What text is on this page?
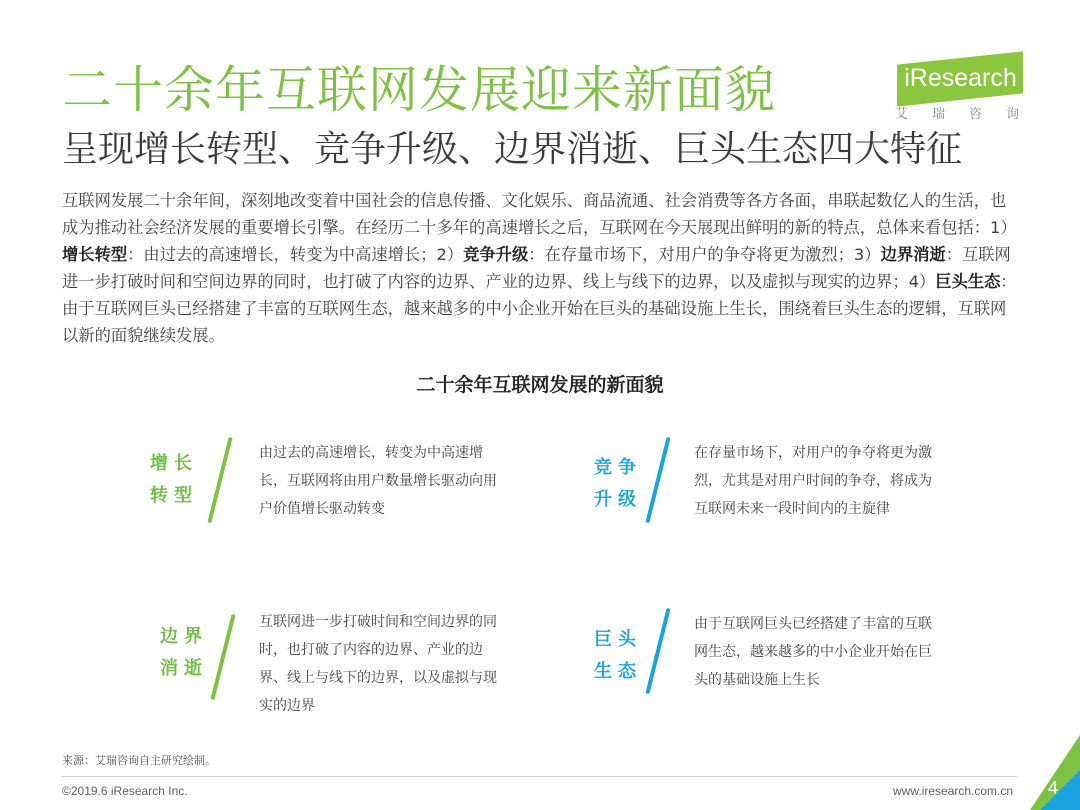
二十余年互联网发展迎来新面貌
呈现增长转型、竞争升级、边界消逝、巨头生态四大特征
iResearch
艾瑞咨询
互联网发展二十余年间，深刻地改变着中国社会的信息传播、文化娱乐、商品流通、社会消费等各方各面，串联起数亿人的生活，也成为推动社会经济发展的重要增长引擎。在经历二十多年的高速增长之后，互联网在今天展现出鲜明的新的特点，总体来看包括：1）增长转型：由过去的高速增长，转变为中高速增长；2）竞争升级：在存量市场下，对用户的争夺将更为激烈；3）边界消逝：互联网进一步打破时间和空间边界的同时，也打破了内容的边界、产业的边界、线上与线下的边界，以及虚拟与现实的边界；4）巨头生态：由于互联网巨头已经搭建了丰富的互联网生态，越来越多的中小企业开始在巨头的基础设施上生长，围绕着巨头生态的逻辑，互联网以新的面貌继续发展。
二十余年互联网发展的新面貌
增长
转型
由过去的高速增长，转变为中高速增长，互联网将由用户数量增长驱动向用户价值增长驱动转变
竞争
升级
在存量市场下，对用户的争夺将更为激烈，尤其是对用户时间的争夺，将成为互联网未来一段时间内的主旋律
边界
消逝
互联网进一步打破时间和空间边界的同时，也打破了内容的边界、产业的边界、线上与线下的边界，以及虚拟与现实的边界
巨头
生态
由于互联网巨头已经搭建了丰富的互联网生态，越来越多的中小企业开始在巨头的基础设施上生长
来源：艾瑞咨询自主研究绘制。
©2019.6 iResearch Inc.	www.iresearch.com.cn 4
